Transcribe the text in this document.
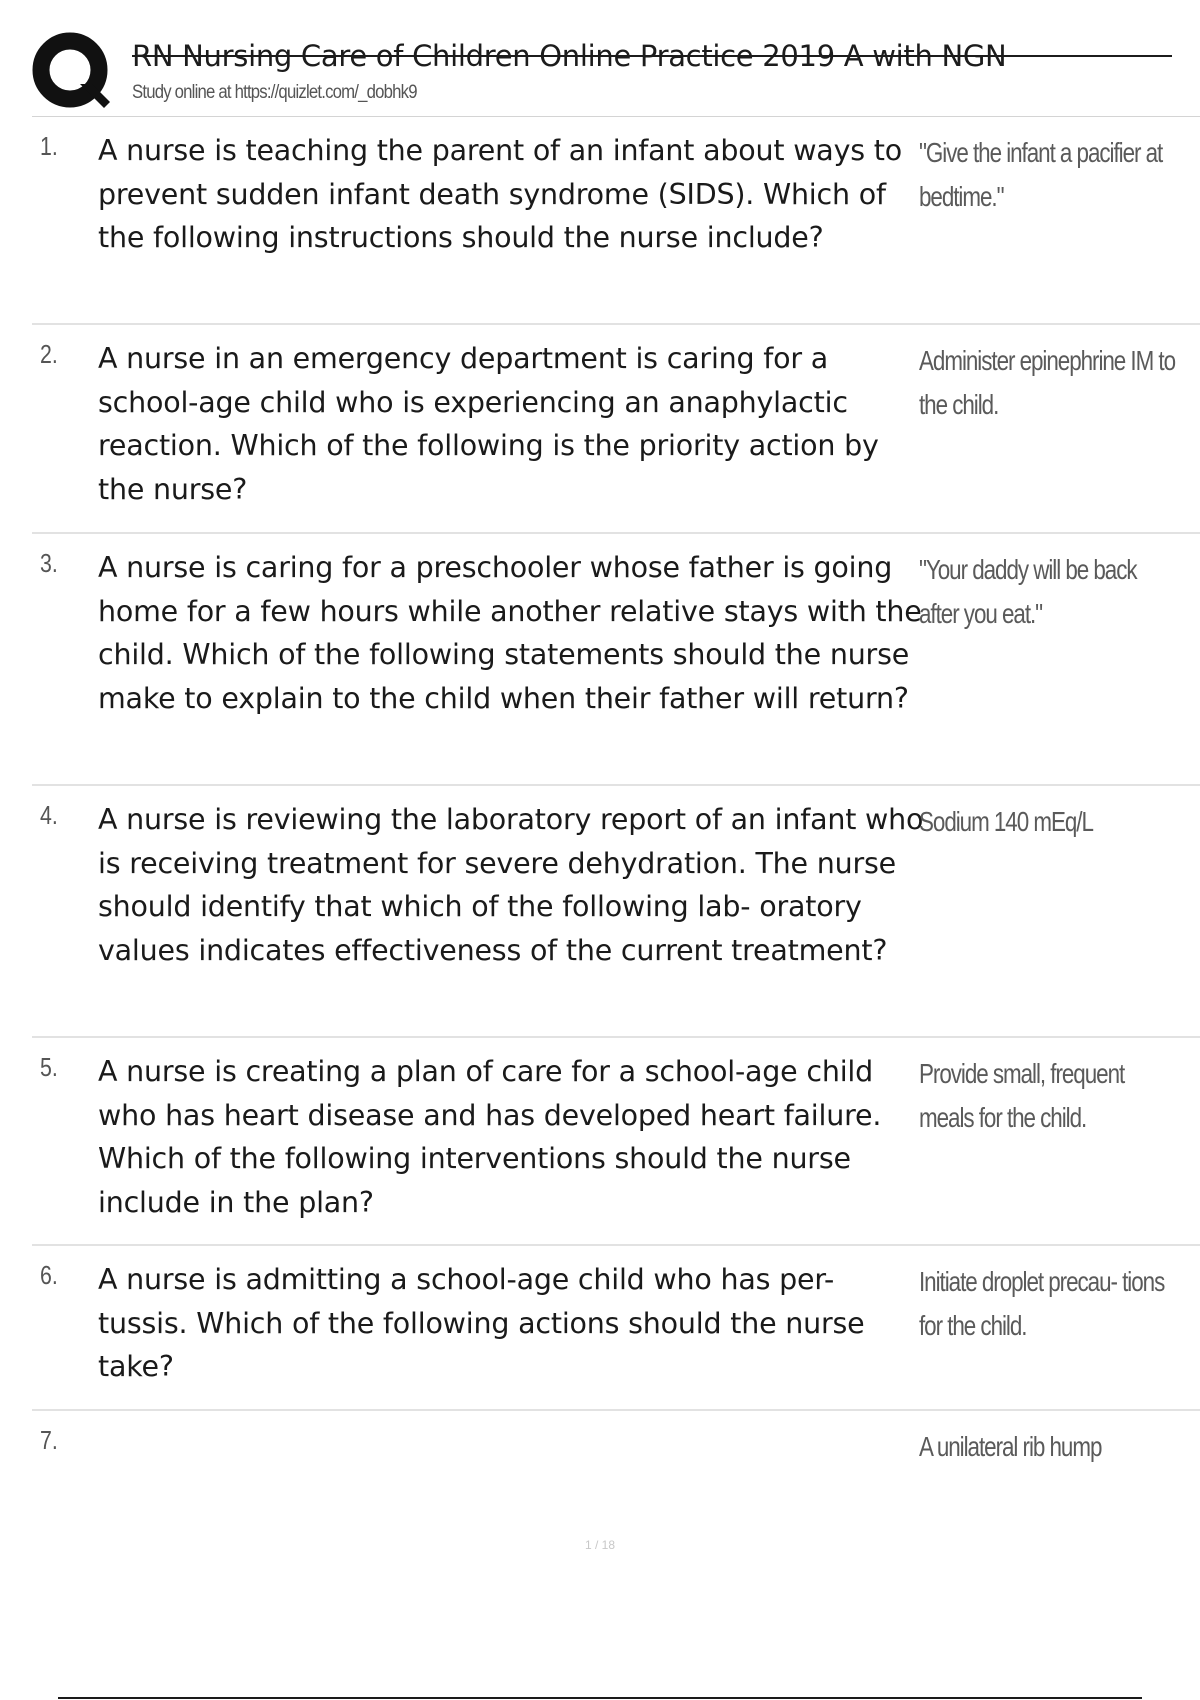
RN Nursing Care of Children Online Practice 2019 A with NGN
Study online at https://quizlet.com/_dobhk9
1. A nurse is teaching the parent of an infant about ways to prevent sudden infant death syndrome (SIDS). Which of the following instructions should the nurse include?
"Give the infant a pacifier at bedtime."
2. A nurse in an emergency department is caring for a school-age child who is experiencing an anaphylactic reaction. Which of the following is the priority action by the nurse?
Administer epinephrine IM to the child.
3. A nurse is caring for a preschooler whose father is going home for a few hours while another relative stays with the child. Which of the following statements should the nurse make to explain to the child when their father will return?
"Your daddy will be back after you eat."
4. A nurse is reviewing the laboratory report of an infant who is receiving treatment for severe dehydration. The nurse should identify that which of the following lab- oratory values indicates effectiveness of the current treatment?
Sodium 140 mEq/L
5. A nurse is creating a plan of care for a school-age child who has heart disease and has developed heart failure. Which of the following interventions should the nurse include in the plan?
Provide small, frequent meals for the child.
6. A nurse is admitting a school-age child who has per- tussis. Which of the following actions should the nurse take?
Initiate droplet precau- tions for the child.
7.	A unilateral rib hump
1 / 18
